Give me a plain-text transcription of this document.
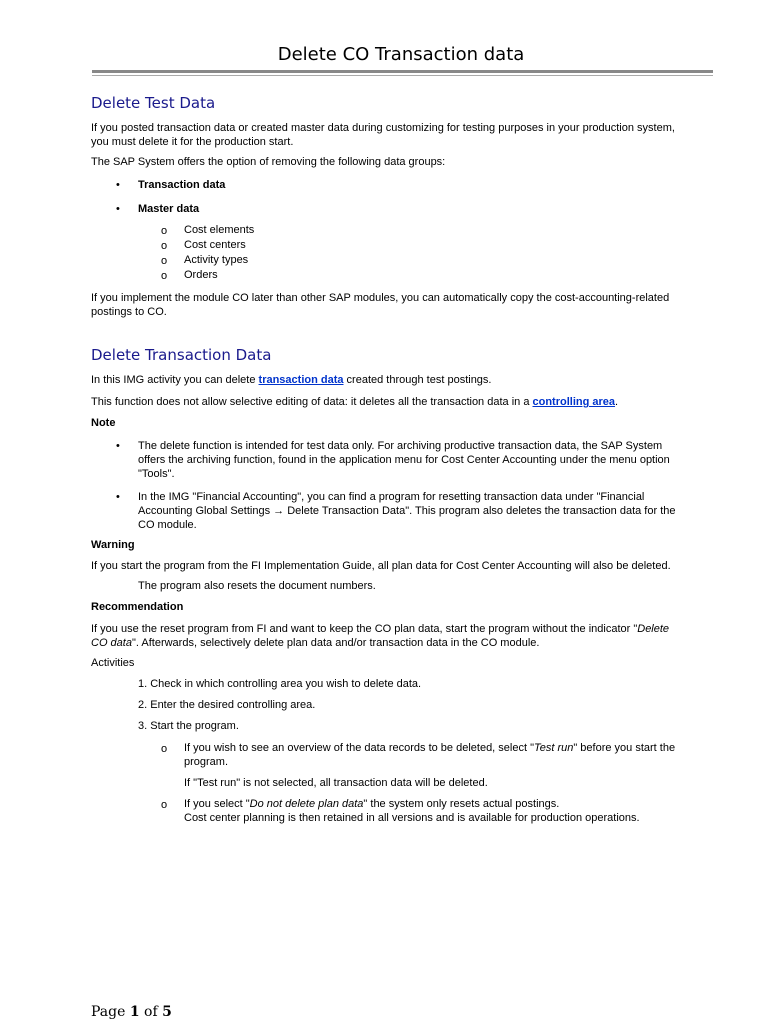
Delete CO Transaction data
Delete Test Data
If you posted transaction data or created master data during customizing for testing purposes in your production system,
you must delete it for the production start.
The SAP System offers the option of removing the following data groups:
• Transaction data
• Master data
o Cost elements
o Cost centers
o Activity types
o Orders
If you implement the module CO later than other SAP modules, you can automatically copy the cost-accounting-related
postings to CO.
Delete Transaction Data
In this IMG activity you can delete transaction data created through test postings.
This function does not allow selective editing of data: it deletes all the transaction data in a controlling area.
Note
• The delete function is intended for test data only. For archiving productive transaction data, the SAP System
offers the archiving function, found in the application menu for Cost Center Accounting under the menu option
"Tools".
• In the IMG "Financial Accounting", you can find a program for resetting transaction data under "Financial
Accounting Global Settings → Delete Transaction Data". This program also deletes the transaction data for the
CO module.
Warning
If you start the program from the FI Implementation Guide, all plan data for Cost Center Accounting will also be deleted.
The program also resets the document numbers.
Recommendation
If you use the reset program from FI and want to keep the CO plan data, start the program without the indicator "Delete
CO data". Afterwards, selectively delete plan data and/or transaction data in the CO module.
Activities
1. Check in which controlling area you wish to delete data.
2. Enter the desired controlling area.
3. Start the program.
o If you wish to see an overview of the data records to be deleted, select "Test run" before you start the
program.
If "Test run" is not selected, all transaction data will be deleted.
o If you select "Do not delete plan data" the system only resets actual postings.
Cost center planning is then retained in all versions and is available for production operations.
Page 1 of 5
